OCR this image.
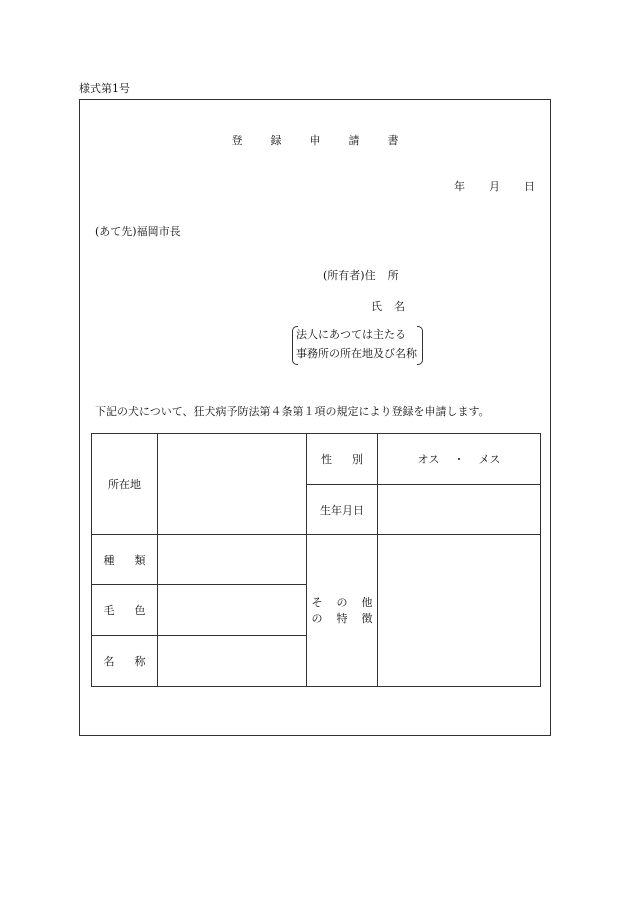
様式第1号
登	録	申	請	書
年 月 日
(あて先)福岡市長
(所有者)住 所
氏 名
法人にあつては主たる
事務所の所在地及び名称
下記の犬について、狂犬病予防法第４条第１項の規定により登録を申請します。
所在地		性 別	オス ・ メス
		生年月日	
種 類		そ の 他
の 特 徴	

毛 色			
名 称			
